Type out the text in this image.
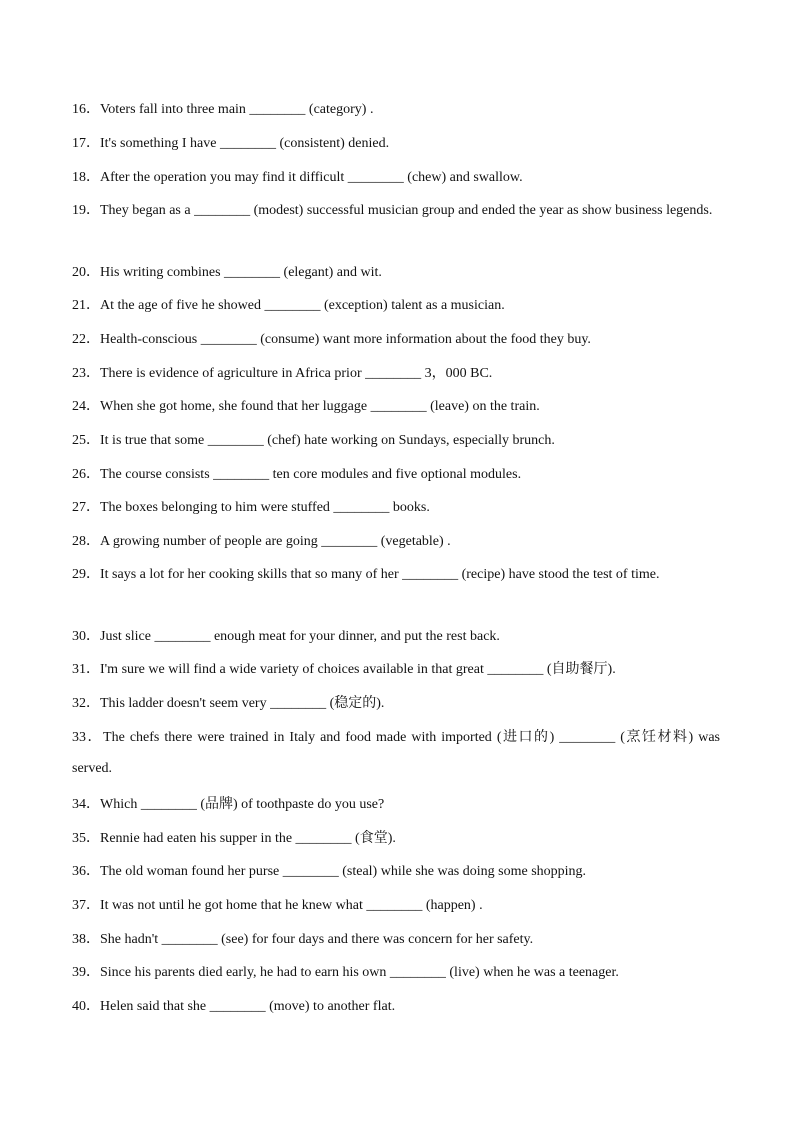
16．Voters fall into three main ________ (category) .
17．It's something I have ________ (consistent) denied.
18．After the operation you may find it difficult ________ (chew) and swallow.
19．They began as a ________ (modest) successful musician group and ended the year as show business legends.
20．His writing combines ________ (elegant) and wit.
21．At the age of five he showed ________ (exception) talent as a musician.
22．Health-conscious ________ (consume) want more information about the food they buy.
23．There is evidence of agriculture in Africa prior ________ 3，000 BC.
24．When she got home, she found that her luggage ________ (leave) on the train.
25．It is true that some ________ (chef) hate working on Sundays, especially brunch.
26．The course consists ________ ten core modules and five optional modules.
27．The boxes belonging to him were stuffed ________ books.
28．A growing number of people are going ________ (vegetable) .
29．It says a lot for her cooking skills that so many of her ________ (recipe) have stood the test of time.
30．Just slice ________ enough meat for your dinner, and put the rest back.
31．I'm sure we will find a wide variety of choices available in that great ________ (自助餐厅).
32．This ladder doesn't seem very ________ (稳定的).
33．The chefs there were trained in Italy and food made with imported (进口的) ________ (烹饪材料) was served.
34．Which ________ (品牌) of toothpaste do you use?
35．Rennie had eaten his supper in the ________ (食堂).
36．The old woman found her purse ________ (steal) while she was doing some shopping.
37．It was not until he got home that he knew what ________ (happen) .
38．She hadn't ________ (see) for four days and there was concern for her safety.
39．Since his parents died early, he had to earn his own ________ (live) when he was a teenager.
40．Helen said that she ________ (move) to another flat.
